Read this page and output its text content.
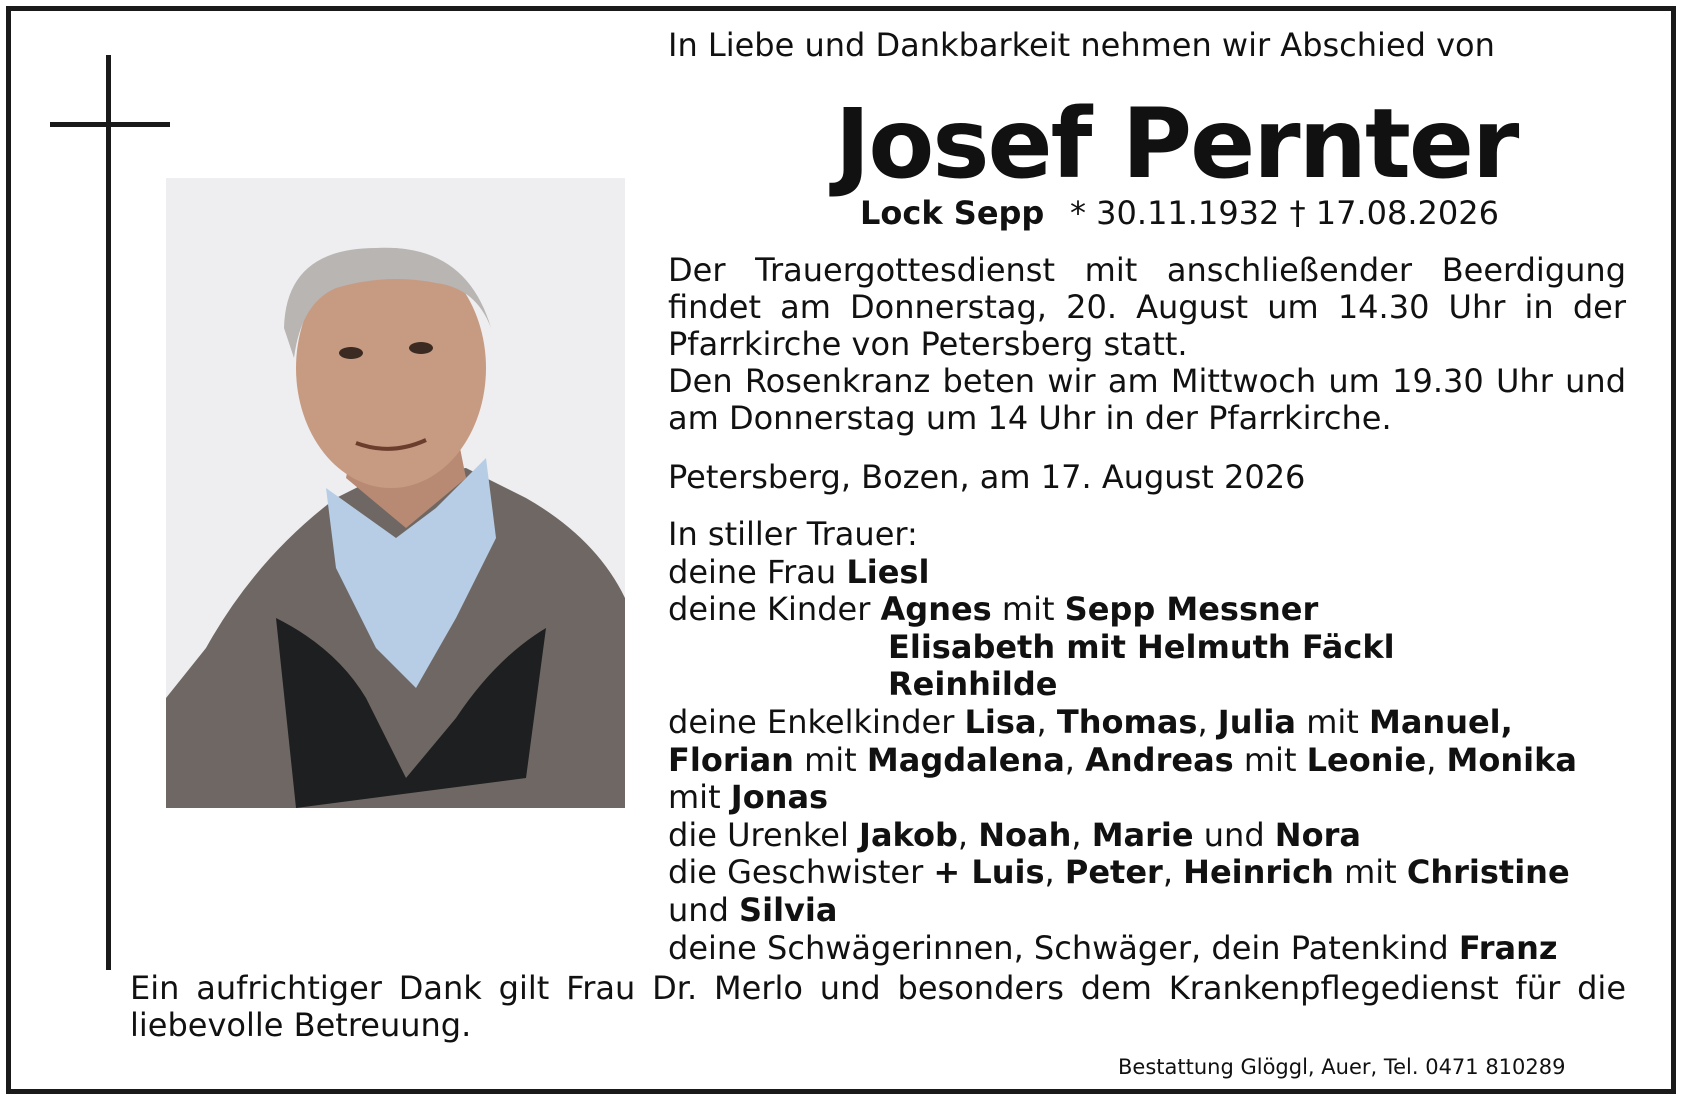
In Liebe und Dankbarkeit nehmen wir Abschied von
Josef Pernter
Lock Sepp * 30.11.1932 † 17.08.2026

Der Trauergottesdienst mit anschließender Beerdigung findet am Donnerstag, 20. August um 14.30 Uhr in der Pfarrkirche von Petersberg statt.

Den Rosenkranz beten wir am Mittwoch um 19.30 Uhr und am Donnerstag um 14 Uhr in der Pfarrkirche.

Petersberg, Bozen, am 17. August 2026
In stiller Trauer:
deine Frau Liesl
deine Kinder Agnes mit Sepp Messner
Elisabeth mit Helmuth Fäckl
Reinhilde
deine Enkelkinder Lisa, Thomas, Julia mit Manuel,
Florian mit Magdalena, Andreas mit Leonie, Monika
mit Jonas
die Urenkel Jakob, Noah, Marie und Nora
die Geschwister + Luis, Peter, Heinrich mit Christine
und Silvia
deine Schwägerinnen, Schwäger, dein Patenkind Franz
Ein aufrichtiger Dank gilt Frau Dr. Merlo und besonders dem Krankenpflegedienst für die liebevolle Betreuung.
Bestattung Glöggl, Auer, Tel. 0471 810289
